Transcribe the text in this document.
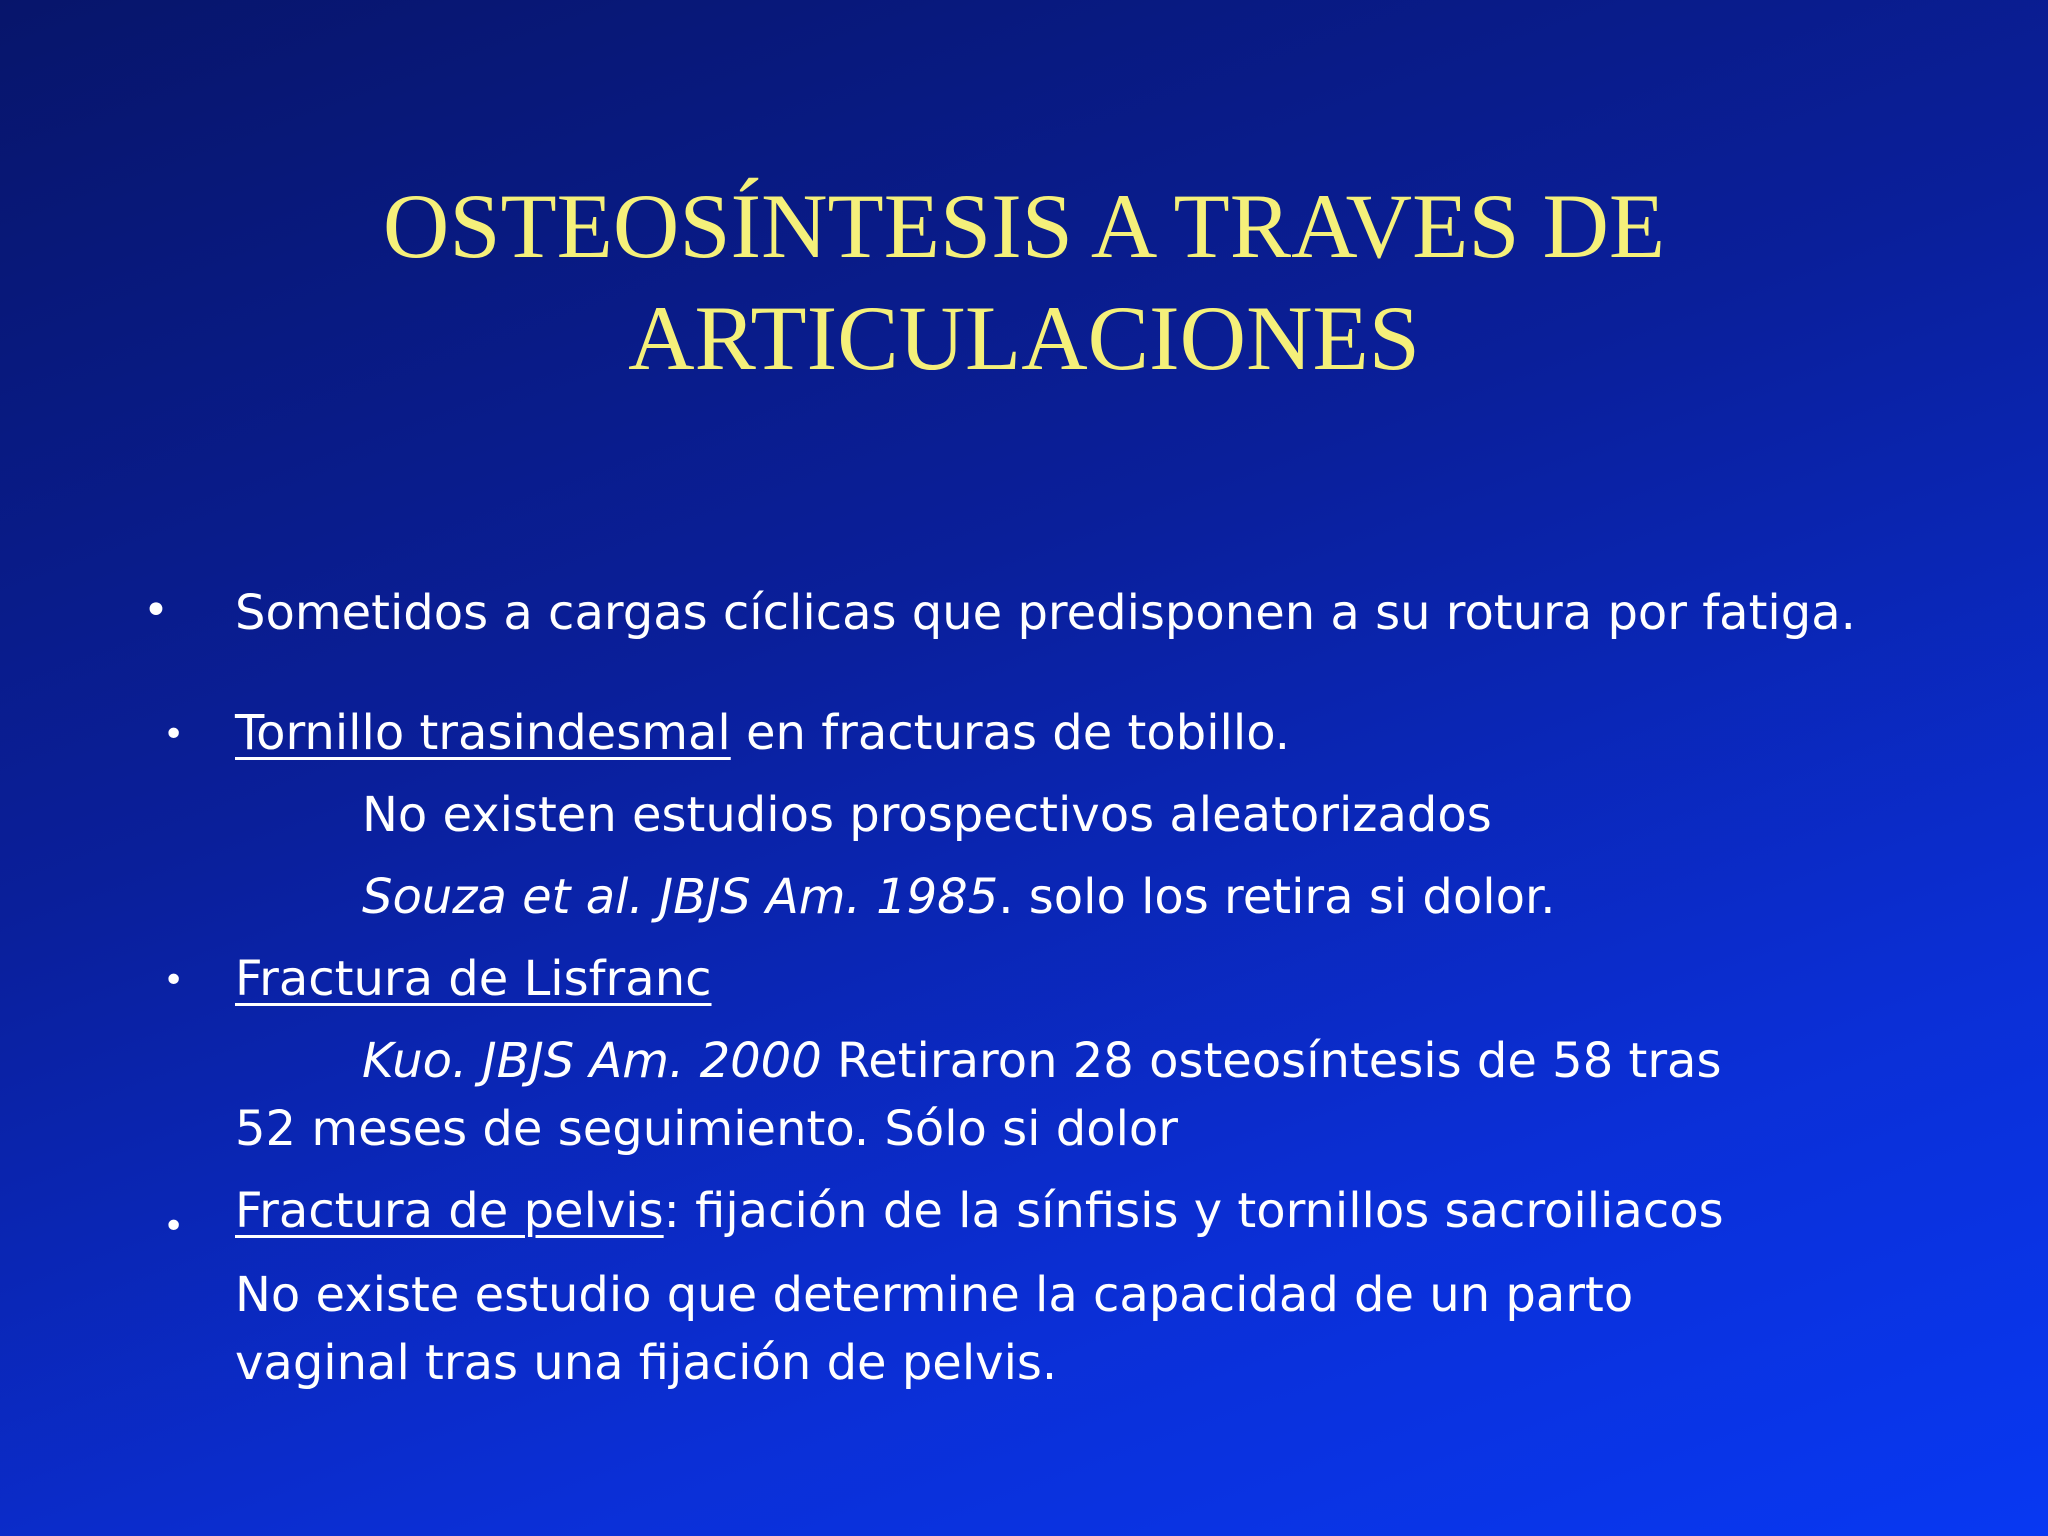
OSTEOSÍNTESIS A TRAVES DE
ARTICULACIONES
• Sometidos a cargas cíclicas que predisponen a su rotura por fatiga.
• Tornillo trasindesmal en fracturas de tobillo.
No existen estudios prospectivos aleatorizados
Souza et al. JBJS Am. 1985. solo los retira si dolor.
• Fractura de Lisfranc
Kuo. JBJS Am. 2000 Retiraron 28 osteosíntesis de 58 tras
52 meses de seguimiento. Sólo si dolor
• Fractura de pelvis: fijación de la sínfisis y tornillos sacroiliacos
No existe estudio que determine la capacidad de un parto
vaginal tras una fijación de pelvis.
